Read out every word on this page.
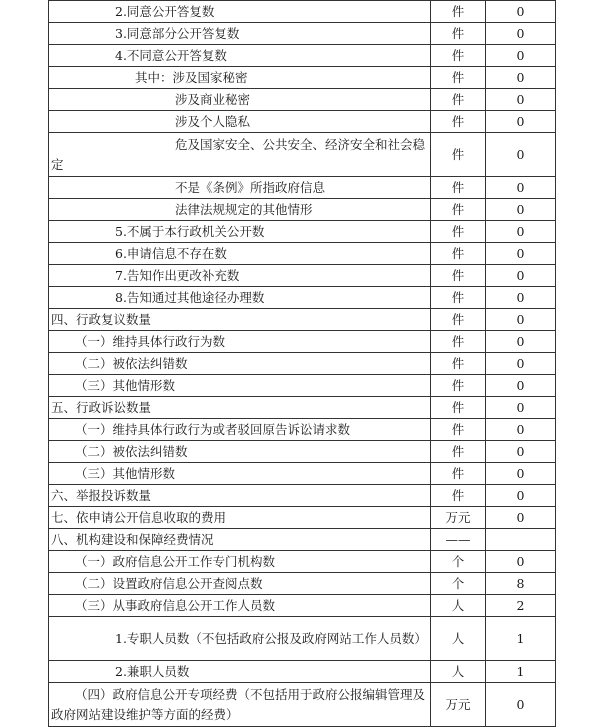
2.同意公开答复数	件	0
3.同意部分公开答复数	件	0
4.不同意公开答复数	件	0
其中：涉及国家秘密	件	0
涉及商业秘密	件	0
涉及个人隐私	件	0
危及国家安全、公共安全、经济安全和社会稳定	件	0
不是《条例》所指政府信息	件	0
法律法规规定的其他情形	件	0
5.不属于本行政机关公开数	件	0
6.申请信息不存在数	件	0
7.告知作出更改补充数	件	0
8.告知通过其他途径办理数	件	0
四、行政复议数量	件	0
（一）维持具体行政行为数	件	0
（二）被依法纠错数	件	0
（三）其他情形数	件	0
五、行政诉讼数量	件	0
（一）维持具体行政行为或者驳回原告诉讼请求数	件	0
（二）被依法纠错数	件	0
（三）其他情形数	件	0
六、举报投诉数量	件	0
七、依申请公开信息收取的费用	万元	0
八、机构建设和保障经费情况	——	
（一）政府信息公开工作专门机构数	个	0
（二）设置政府信息公开查阅点数	个	8
（三）从事政府信息公开工作人员数	人	2
1.专职人员数（不包括政府公报及政府网站工作人员数）	人	1
2.兼职人员数	人	1
（四）政府信息公开专项经费（不包括用于政府公报编辑管理及政府网站建设维护等方面的经费）	万元	0
